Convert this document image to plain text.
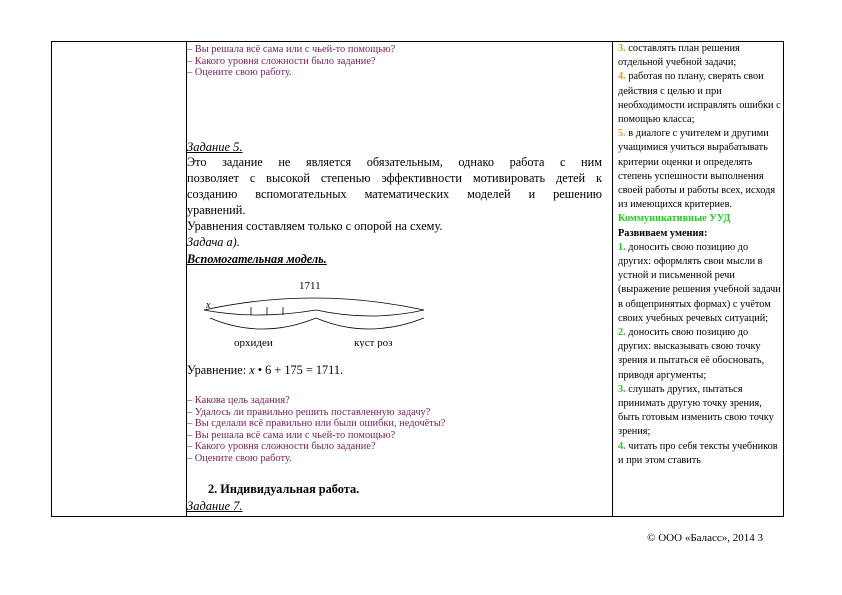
– Вы решала всё сама или с чьей-то помощью?
– Какого уровня сложности было задание?
– Оцените свою работу.
Задание 5.
Это задание не является обязательным, однако работа с ним
позволяет с высокой степенью эффективности мотивировать детей к
созданию вспомогательных математических моделей и решению
уравнений.
Уравнения составляем только с опорой на схему.
Задача а).
Вспомогательная модель.
1711
x
орхидеи	куст роз
Уравнение: x • 6 + 175 = 1711.
– Какова цель задания?
– Удалось ли правильно решить поставленную задачу?
– Вы сделали всё правильно или были ошибки, недочёты?
– Вы решала всё сама или с чьей-то помощью?
– Какого уровня сложности было задание?
– Оцените свою работу.
2. Индивидуальная работа.
Задание 7.
3. составлять план решения отдельной учебной задачи;
4. работая по плану, сверять свои действия с целью и при необходимости исправлять ошибки с помощью класса;
5. в диалоге с учителем и другими учащимися учиться вырабатывать критерии оценки и определять степень успешности выполнения своей работы и работы всех, исходя из имеющихся критериев.
Коммуникативные УУД
Развиваем умения:
1. доносить свою позицию до других: оформлять свои мысли в устной и письменной речи (выражение решения учебной задачи в общепринятых формах) с учётом своих учебных речевых ситуаций;
2. доносить свою позицию до других: высказывать свою точку зрения и пытаться её обосновать, приводя аргументы;
3. слушать других, пытаться принимать другую точку зрения, быть готовым изменить свою точку зрения;
4. читать про себя тексты учебников и при этом ставить
© ООО «Баласс», 2014 3
